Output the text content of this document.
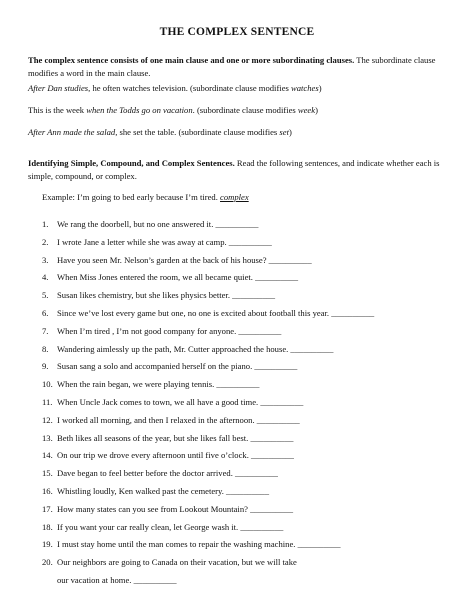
THE COMPLEX SENTENCE
The complex sentence consists of one main clause and one or more subordinating clauses. The subordinate clause modifies a word in the main clause.
After Dan studies, he often watches television. (subordinate clause modifies watches)
This is the week when the Todds go on vacation. (subordinate clause modifies week)
After Ann made the salad, she set the table. (subordinate clause modifies set)
Identifying Simple, Compound, and Complex Sentences. Read the following sentences, and indicate whether each is simple, compound, or complex.
Example: I’m going to bed early because I’m tired. complex
1. We rang the doorbell, but no one answered it. __________
2. I wrote Jane a letter while she was away at camp. __________
3. Have you seen Mr. Nelson’s garden at the back of his house? __________
4. When Miss Jones entered the room, we all became quiet. __________
5. Susan likes chemistry, but she likes physics better. __________
6. Since we’ve lost every game but one, no one is excited about football this year. __________
7. When I’m tired , I’m not good company for anyone. __________
8. Wandering aimlessly up the path, Mr. Cutter approached the house. __________
9. Susan sang a solo and accompanied herself on the piano. __________
10. When the rain began, we were playing tennis. __________
11. When Uncle Jack comes to town, we all have a good time. __________
12. I worked all morning, and then I relaxed in the afternoon. __________
13. Beth likes all seasons of the year, but she likes fall best. __________
14. On our trip we drove every afternoon until five o’clock. __________
15. Dave began to feel better before the doctor arrived. __________
16. Whistling loudly, Ken walked past the cemetery. __________
17. How many states can you see from Lookout Mountain? __________
18. If you want your car really clean, let George wash it. __________
19. I must stay home until the man comes to repair the washing machine. __________
20. Our neighbors are going to Canada on their vacation, but we will take
our vacation at home. __________
